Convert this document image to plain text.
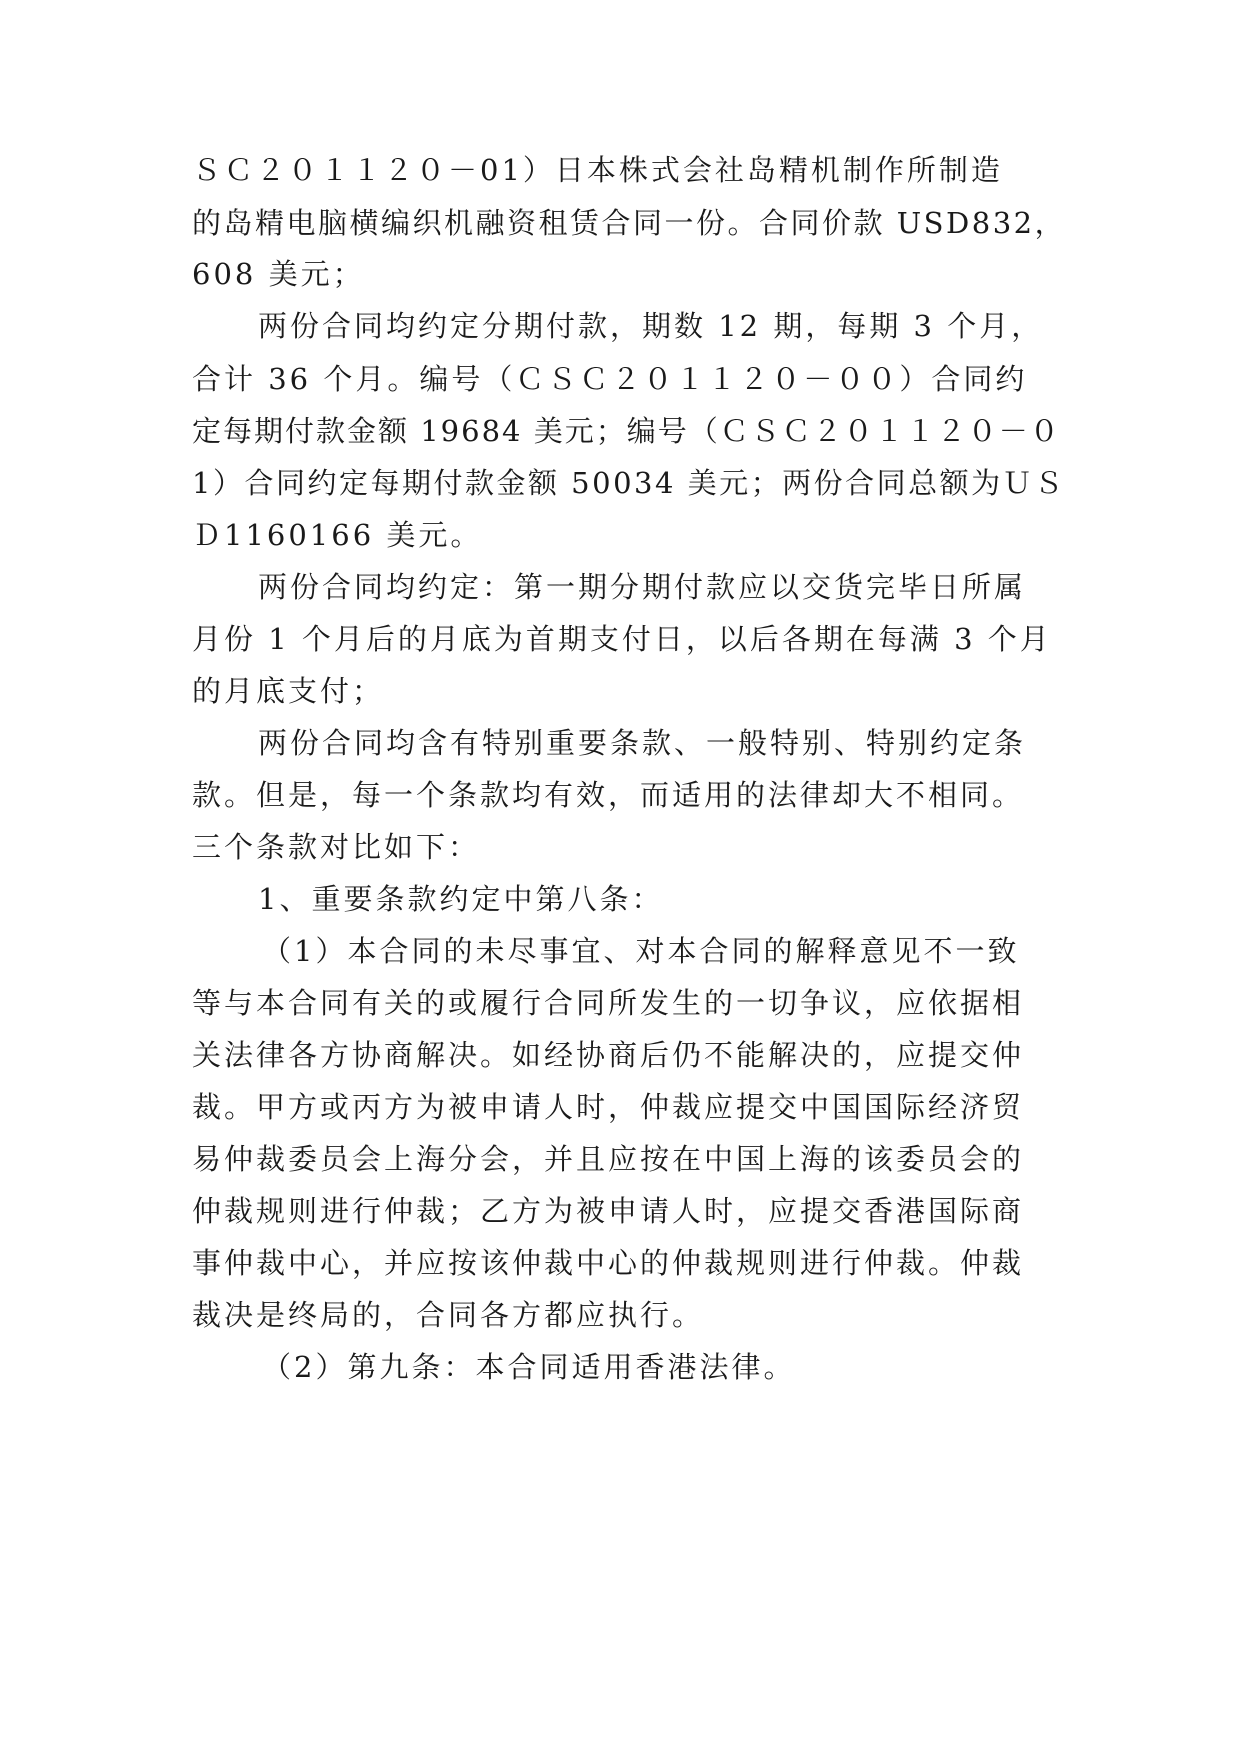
ＳＣ２０１１２０－01）日本株式会社岛精机制作所制造
的岛精电脑横编织机融资租赁合同一份。合同价款 USD832，
608 美元；
两份合同均约定分期付款，期数 12 期，每期 3 个月，
合计 36 个月。编号（ＣＳＣ２０１１２０－００）合同约
定每期付款金额 19684 美元；编号（ＣＳＣ２０１１２０－０
1）合同约定每期付款金额 50034 美元；两份合同总额为ＵＳ
Ｄ1160166 美元。
两份合同均约定：第一期分期付款应以交货完毕日所属
月份 1 个月后的月底为首期支付日，以后各期在每满 3 个月
的月底支付；
两份合同均含有特别重要条款、一般特别、特别约定条
款。但是，每一个条款均有效，而适用的法律却大不相同。
三个条款对比如下：
1、重要条款约定中第八条：
（1）本合同的未尽事宜、对本合同的解释意见不一致
等与本合同有关的或履行合同所发生的一切争议，应依据相
关法律各方协商解决。如经协商后仍不能解决的，应提交仲
裁。甲方或丙方为被申请人时，仲裁应提交中国国际经济贸
易仲裁委员会上海分会，并且应按在中国上海的该委员会的
仲裁规则进行仲裁；乙方为被申请人时，应提交香港国际商
事仲裁中心，并应按该仲裁中心的仲裁规则进行仲裁。仲裁
裁决是终局的，合同各方都应执行。
（2）第九条：本合同适用香港法律。
